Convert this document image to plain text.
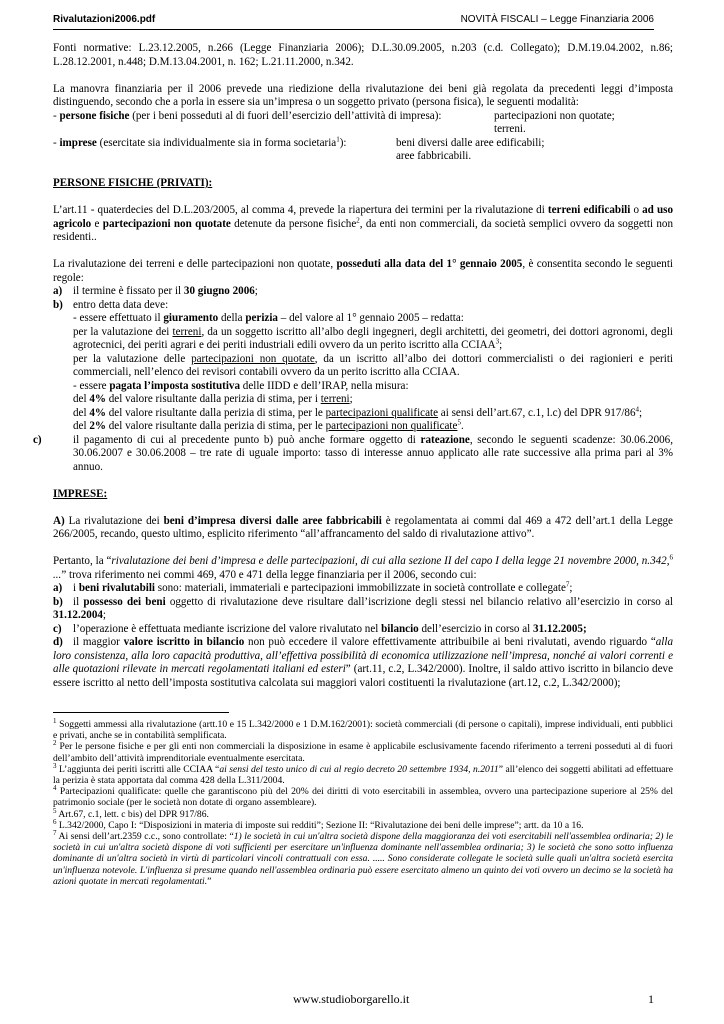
Rivalutazioni2006.pdf	NOVITÀ FISCALI – Legge Finanziaria 2006

Fonti normative: L.23.12.2005, n.266 (Legge Finanziaria 2006); D.L.30.09.2005, n.203 (c.d. Collegato); D.M.19.04.2002, n.86; L.28.12.2001, n.448; D.M.13.04.2001, n. 162; L.21.11.2000, n.342.

La manovra finanziaria per il 2006 prevede una riedizione della rivalutazione dei beni già regolata da precedenti leggi d’imposta distinguendo, secondo che a porla in essere sia un’impresa o un soggetto privato (persona fisica), le seguenti modalità:

- persone fisiche (per i beni posseduti al di fuori dell’esercizio dell’attività di impresa):	partecipazioni non quotate;
terreni.
- imprese (esercitate sia individualmente sia in forma societaria$^1$):	beni diversi dalle aree edificabili;
aree fabbricabili.

PERSONE FISICHE (PRIVATI):

L’art.11 - quaterdecies del D.L.203/2005, al comma 4, prevede la riapertura dei termini per la rivalutazione di terreni edificabili o ad uso agricolo e partecipazioni non quotate detenute da persone fisiche$^2$, da enti non commerciali, da società semplici ovvero da soggetti non residenti..

La rivalutazione dei terreni e delle partecipazioni non quotate, posseduti alla data del 1° gennaio 2005, è consentita secondo le seguenti regole:

a) il termine è fissato per il 30 giugno 2006;

b) entro detta data deve:

- essere effettuato il giuramento della perizia – del valore al 1° gennaio 2005 – redatta:

per la valutazione dei terreni, da un soggetto iscritto all’albo degli ingegneri, degli architetti, dei geometri, dei dottori agronomi, degli agrotecnici, dei periti agrari e dei periti industriali edili ovvero da un perito iscritto alla CCIAA$^3$;

per la valutazione delle partecipazioni non quotate, da un iscritto all’albo dei dottori commercialisti o dei ragionieri e periti commerciali, nell’elenco dei revisori contabili ovvero da un perito iscritto alla CCIAA.

- essere pagata l’imposta sostitutiva delle IIDD e dell’IRAP, nella misura:

del 4% del valore risultante dalla perizia di stima, per i terreni;

del 4% del valore risultante dalla perizia di stima, per le partecipazioni qualificate ai sensi dell’art.67, c.1, l.c) del DPR $917/86^4$;

del 2% del valore risultante dalla perizia di stima, per le partecipazioni non qualificate$^5$.

c)	il pagamento di cui al precedente punto b) può anche formare oggetto di rateazione, secondo le seguenti scadenze: 30.06.2006, 30.06.2007 e 30.06.2008 – tre rate di uguale importo: tasso di interesse annuo applicato alle rate successive alla prima pari al 3% annuo.

IMPRESE:

A) La rivalutazione dei beni d’impresa diversi dalle aree fabbricabili è regolamentata ai commi dal 469 a 472 dell’art.1 della Legge 266/2005, recando, questo ultimo, esplicito riferimento “all’affrancamento del saldo di rivalutazione attivo”.

Pertanto, la “rivalutazione dei beni d’impresa e delle partecipazioni, di cui alla sezione II del capo I della legge 21 novembre 2000, n.342,$^6$ ...” trova riferimento nei commi 469, 470 e 471 della legge finanziaria per il 2006, secondo cui:

a) i beni rivalutabili sono: materiali, immateriali e partecipazioni immobilizzate in società controllate e collegate$^7$;

b) il possesso dei beni oggetto di rivalutazione deve risultare dall’iscrizione degli stessi nel bilancio relativo all’esercizio in corso al 31.12.2004;

c) l’operazione è effettuata mediante iscrizione del valore rivalutato nel bilancio dell’esercizio in corso al 31.12.2005;

d) il maggior valore iscritto in bilancio non può eccedere il valore effettivamente attribuibile ai beni rivalutati, avendo riguardo “alla loro consistenza, alla loro capacità produttiva, all’effettiva possibilità di economica utilizzazione nell’impresa, nonché ai valori correnti e alle quotazioni rilevate in mercati regolamentati italiani ed esteri” (art.11, c.2, L.342/2000). Inoltre, il saldo attivo iscritto in bilancio deve essere iscritto al netto dell’imposta sostitutiva calcolata sui maggiori valori costituenti la rivalutazione (art.12, c.2, L.342/2000);

$^1$ Soggetti ammessi alla rivalutazione (artt.10 e 15 L.342/2000 e 1 D.M.162/2001): società commerciali (di persone o capitali), imprese individuali, enti pubblici e privati, anche se in contabilità semplificata.

$^2$ Per le persone fisiche e per gli enti non commerciali la disposizione in esame è applicabile esclusivamente facendo riferimento a terreni posseduti al di fuori dell’ambito dell’attività imprenditoriale eventualmente esercitata.

$^3$ L’aggiunta dei periti iscritti alle CCIAA “ai sensi del testo unico di cui al regio decreto 20 settembre 1934, n.2011” all’elenco dei soggetti abilitati ad effettuare la perizia è stata apportata dal comma 428 della L.311/2004.

$^4$ Partecipazioni qualificate: quelle che garantiscono più del 20% dei diritti di voto esercitabili in assemblea, ovvero una partecipazione superiore al 25% del patrimonio sociale (per le società non dotate di organo assembleare).

$^5$ Art.67, c.1, lett. c bis) del DPR 917/86.

$^6$ L.342/2000, Capo I: “Disposizioni in materia di imposte sui redditi”; Sezione II: “Rivalutazione dei beni delle imprese”; artt. da 10 a 16.

$^7$ Ai sensi dell’art.2359 c.c., sono controllate: “1) le società in cui un'altra società dispone della maggioranza dei voti esercitabili nell'assemblea ordinaria; 2) le società in cui un'altra società dispone di voti sufficienti per esercitare un'influenza dominante nell'assemblea ordinaria; 3) le società che sono sotto influenza dominante di un'altra società in virtù di particolari vincoli contrattuali con essa. ..... Sono considerate collegate le società sulle quali un'altra società esercita un'influenza notevole. L'influenza si presume quando nell'assemblea ordinaria può essere esercitato almeno un quinto dei voti ovvero un decimo se la società ha azioni quotate in mercati regolamentati.”

www.studioborgarello.it	1
